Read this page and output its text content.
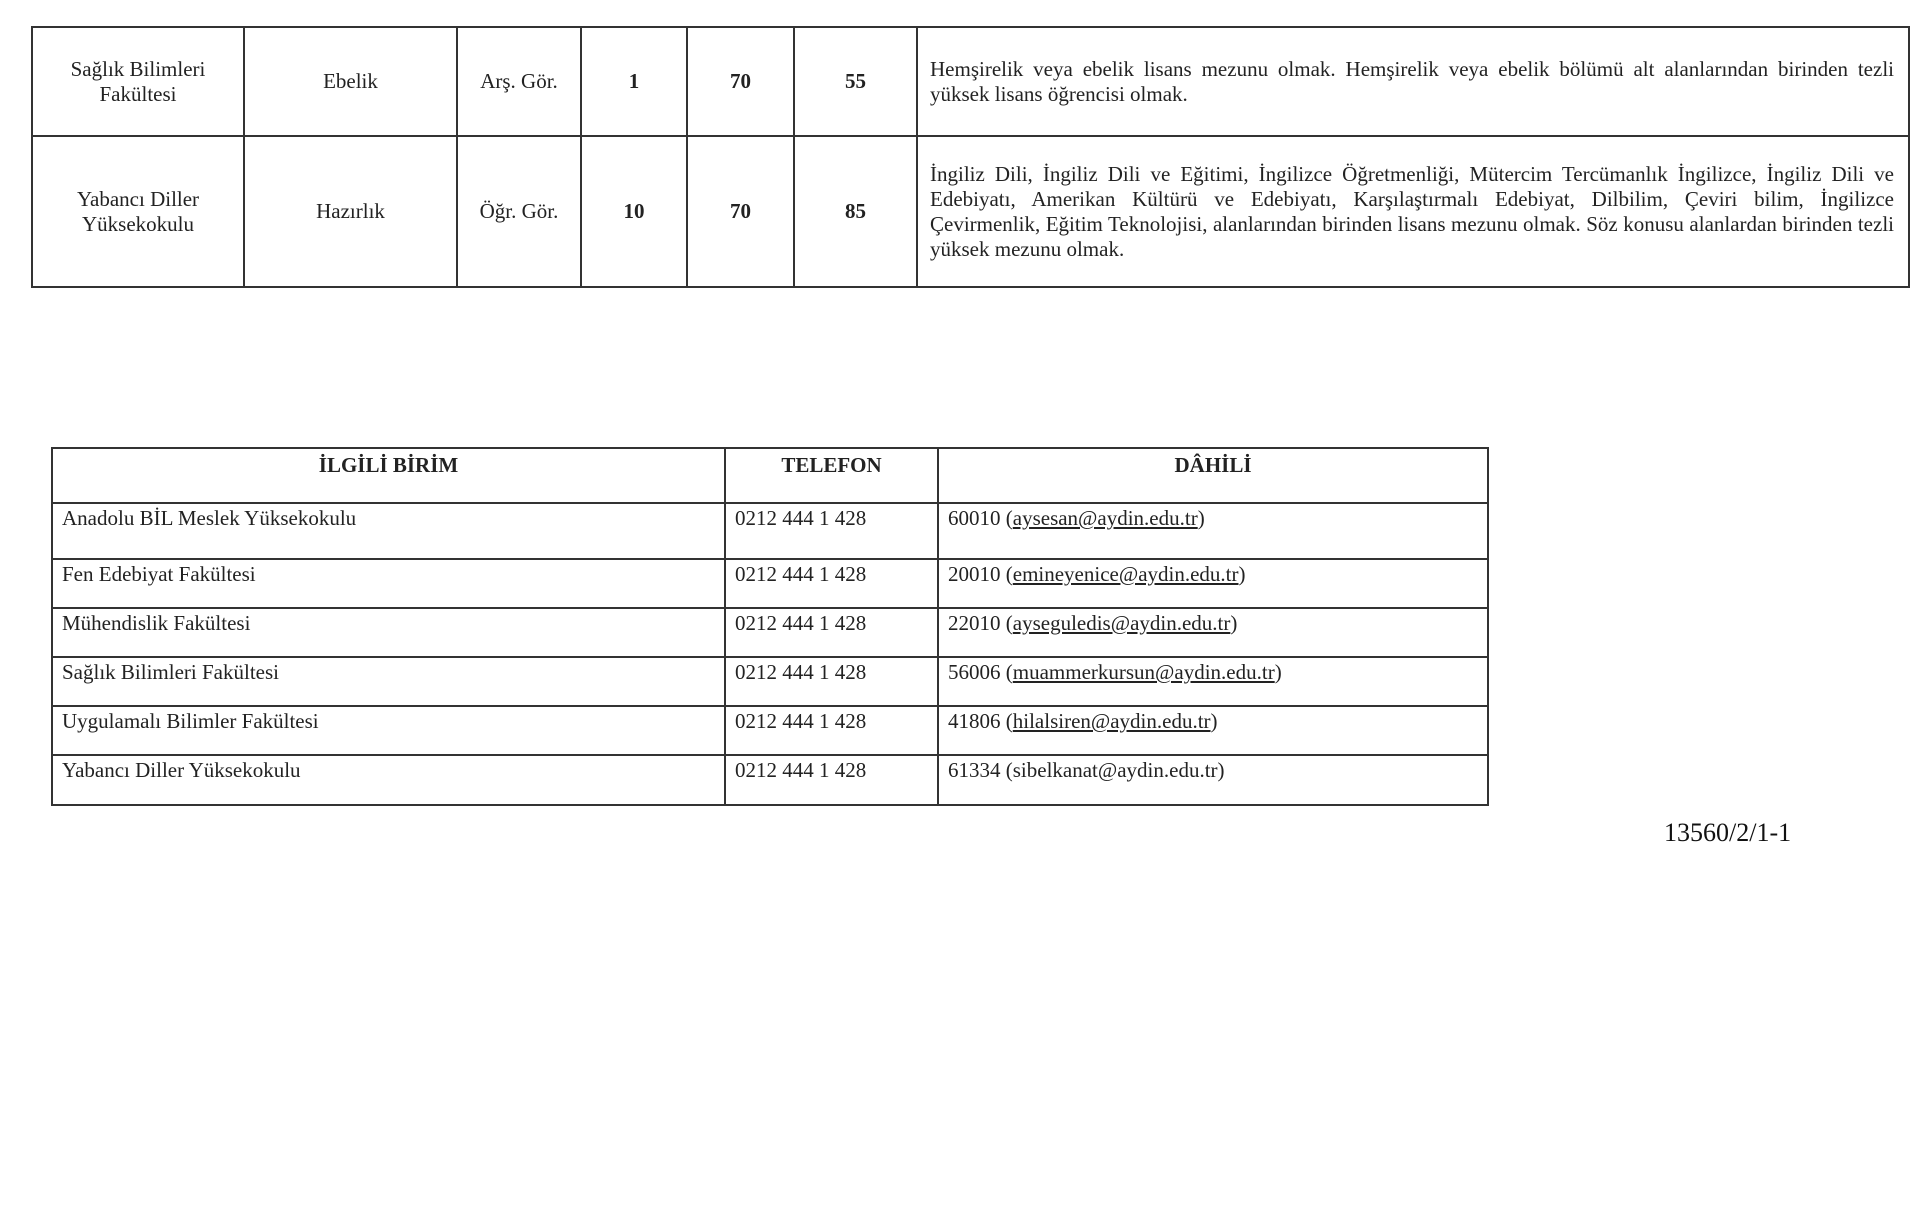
Sağlık Bilimleri Fakültesi	Ebelik	Arş. Gör.	1	70	55	Hemşirelik veya ebelik lisans mezunu olmak. Hemşirelik veya ebelik bölümü alt alanlarından birinden tezli yüksek lisans öğrencisi olmak.
Yabancı Diller Yüksekokulu	Hazırlık	Öğr. Gör.	10	70	85	İngiliz Dili, İngiliz Dili ve Eğitimi, İngilizce Öğretmenliği, Mütercim Tercümanlık İngilizce, İngiliz Dili ve Edebiyatı, Amerikan Kültürü ve Edebiyatı, Karşılaştırmalı Edebiyat, Dilbilim, Çeviri bilim, İngilizce Çevirmenlik, Eğitim Teknolojisi, alanlarından birinden lisans mezunu olmak. Söz konusu alanlardan birinden tezli yüksek mezunu olmak.
İLGİLİ BİRİM	TELEFON	DÂHİLİ
Anadolu BİL Meslek Yüksekokulu	0212 444 1 428	60010 (aysesan@aydin.edu.tr)
Fen Edebiyat Fakültesi	0212 444 1 428	20010 (emineyenice@aydin.edu.tr)
Mühendislik Fakültesi	0212 444 1 428	22010 (ayseguledis@aydin.edu.tr)
Sağlık Bilimleri Fakültesi	0212 444 1 428	56006 (muammerkursun@aydin.edu.tr)
Uygulamalı Bilimler Fakültesi	0212 444 1 428	41806 (hilalsiren@aydin.edu.tr)
Yabancı Diller Yüksekokulu	0212 444 1 428	61334 (sibelkanat@aydin.edu.tr)
13560/2/1-1
